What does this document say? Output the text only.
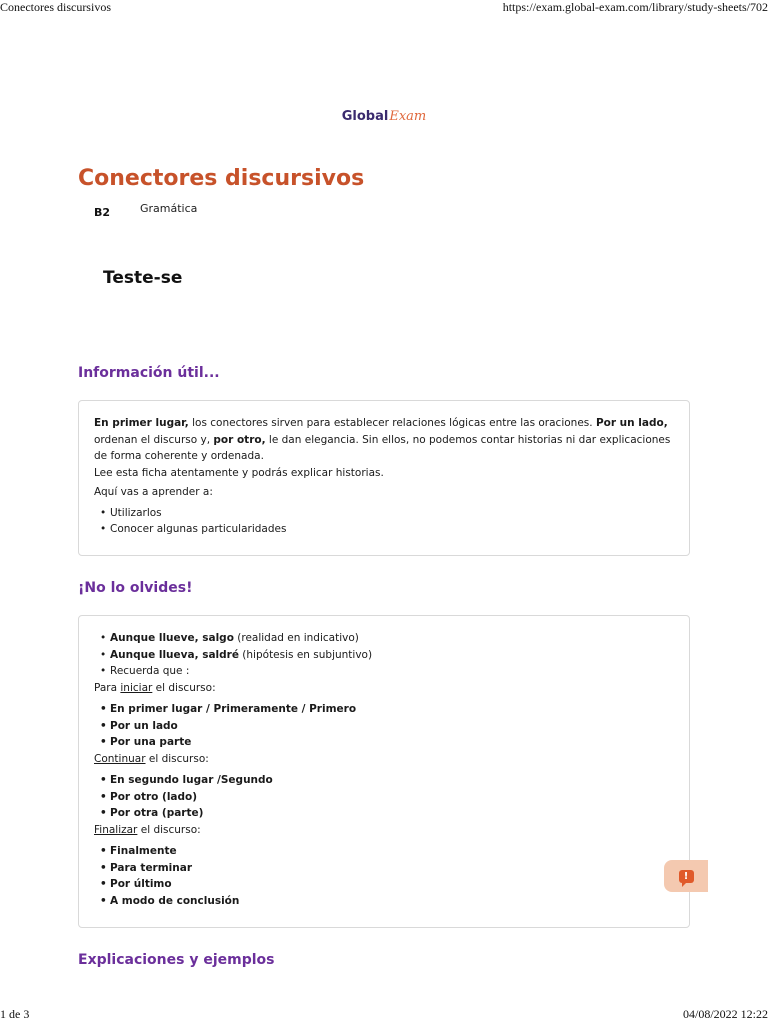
Conectores discursivos	https://exam.global-exam.com/library/study-sheets/702
GlobalExam
Conectores discursivos
B2	Gramática
Teste-se
Información útil...

En primer lugar, los conectores sirven para establecer relaciones lógicas entre las oraciones. Por un lado, ordenan el discurso y, por otro, le dan elegancia. Sin ellos, no podemos contar historias ni dar explicaciones de forma coherente y ordenada.

Lee esta ficha atentamente y podrás explicar historias.

Aquí vas a aprender a:

• Utilizarlos
• Conocer algunas particularidades
¡No lo olvides!
• Aunque llueve, salgo (realidad en indicativo)
• Aunque llueva, saldré (hipótesis en subjuntivo)
• Recuerda que :

Para iniciar el discurso:

• En primer lugar / Primeramente / Primero
• Por un lado
• Por una parte

Continuar el discurso:

• En segundo lugar /Segundo
• Por otro (lado)
• Por otra (parte)

Finalizar el discurso:

• Finalmente
• Para terminar
• Por último
• A modo de conclusión
Explicaciones y ejemplos
!
1 de 3	04/08/2022 12:22
